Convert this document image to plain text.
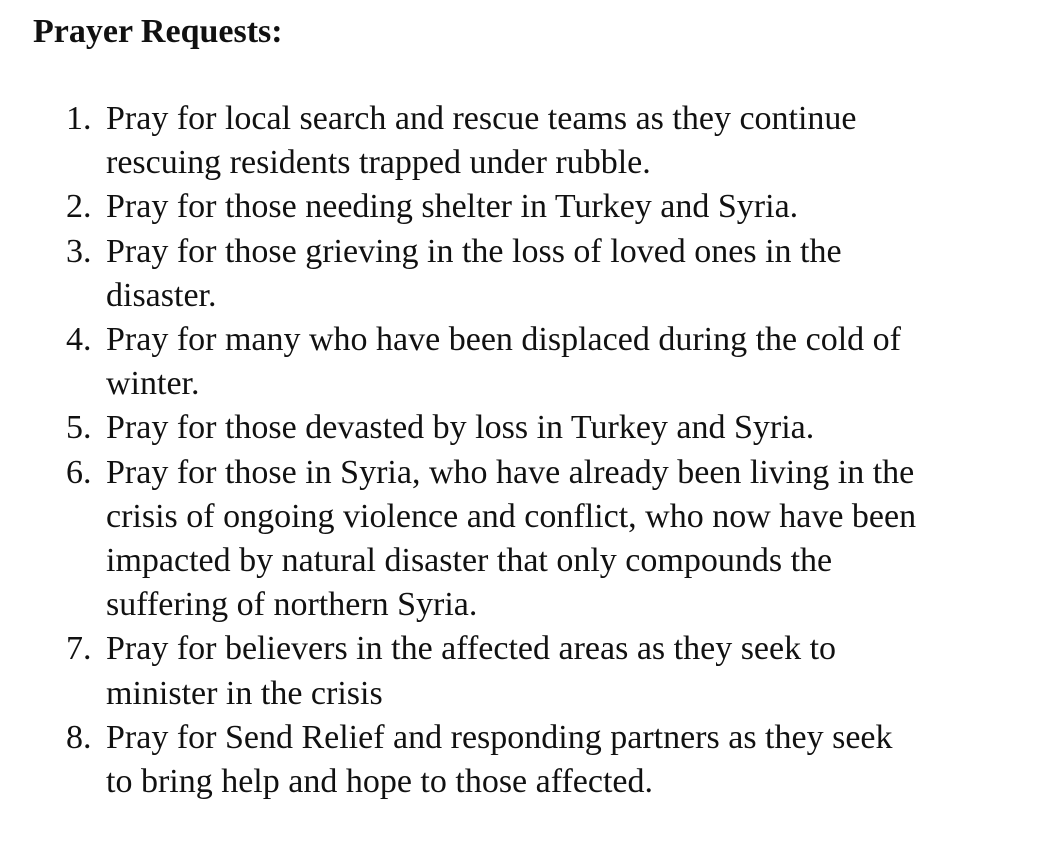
Prayer Requests:
1. Pray for local search and rescue teams as they continue
rescuing residents trapped under rubble.
2. Pray for those needing shelter in Turkey and Syria.
3. Pray for those grieving in the loss of loved ones in the
disaster.
4. Pray for many who have been displaced during the cold of
winter.
5. Pray for those devasted by loss in Turkey and Syria.
6. Pray for those in Syria, who have already been living in the
crisis of ongoing violence and conflict, who now have been
impacted by natural disaster that only compounds the
suffering of northern Syria.
7. Pray for believers in the affected areas as they seek to
minister in the crisis
8. Pray for Send Relief and responding partners as they seek
to bring help and hope to those affected.
